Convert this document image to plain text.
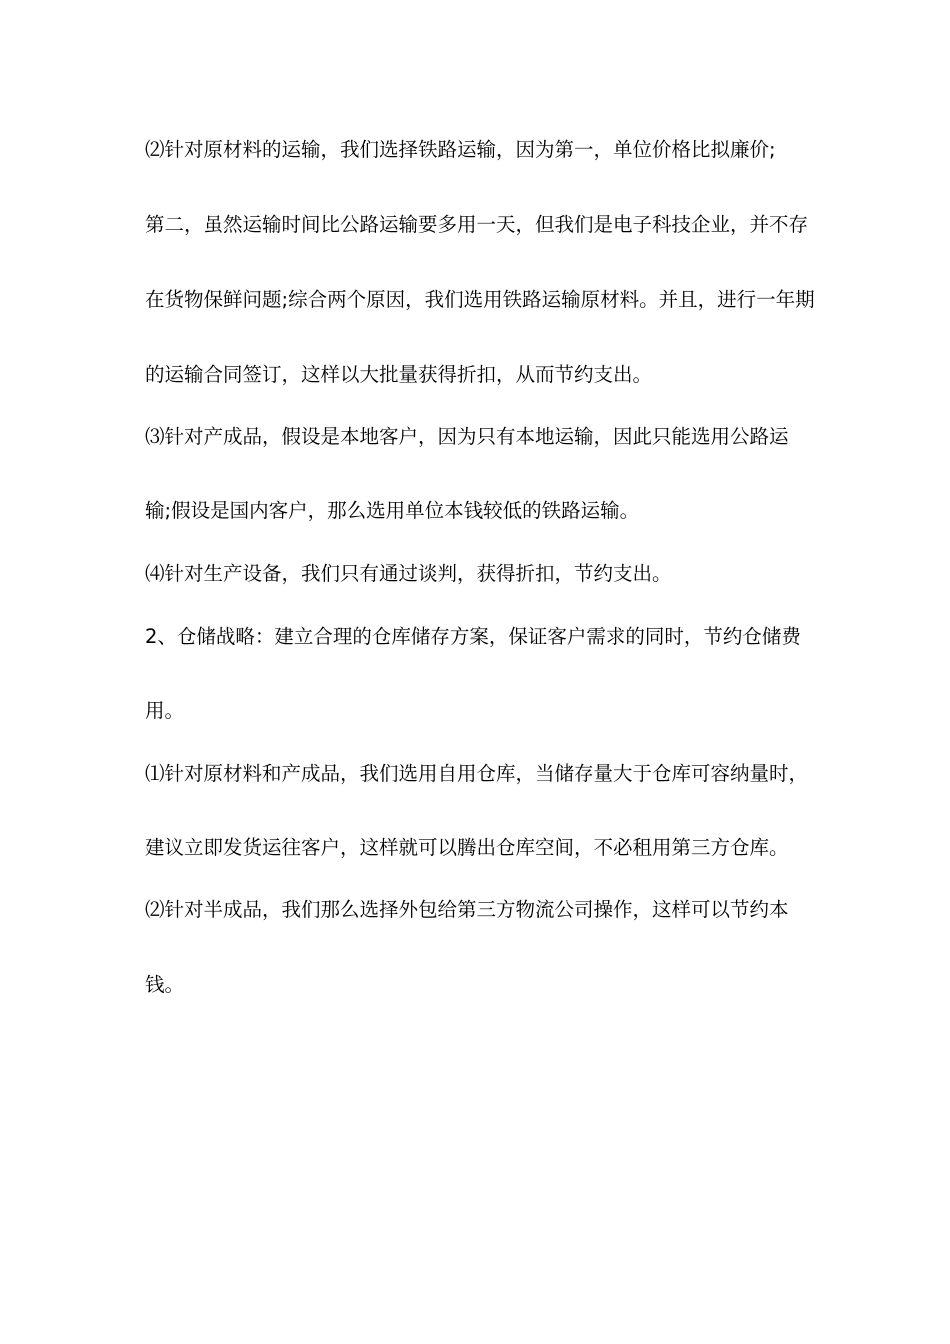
⑵针对原材料的运输，我们选择铁路运输，因为第一，单位价格比拟廉价;
第二，虽然运输时间比公路运输要多用一天，但我们是电子科技企业，并不存
在货物保鲜问题;综合两个原因，我们选用铁路运输原材料。并且，进行一年期
的运输合同签订，这样以大批量获得折扣，从而节约支出。
⑶针对产成品，假设是本地客户，因为只有本地运输，因此只能选用公路运
输;假设是国内客户，那么选用单位本钱较低的铁路运输。
⑷针对生产设备，我们只有通过谈判，获得折扣，节约支出。
2、仓储战略：建立合理的仓库储存方案，保证客户需求的同时，节约仓储费
用。
⑴针对原材料和产成品，我们选用自用仓库，当储存量大于仓库可容纳量时，
建议立即发货运往客户，这样就可以腾出仓库空间，不必租用第三方仓库。
⑵针对半成品，我们那么选择外包给第三方物流公司操作，这样可以节约本
钱。
